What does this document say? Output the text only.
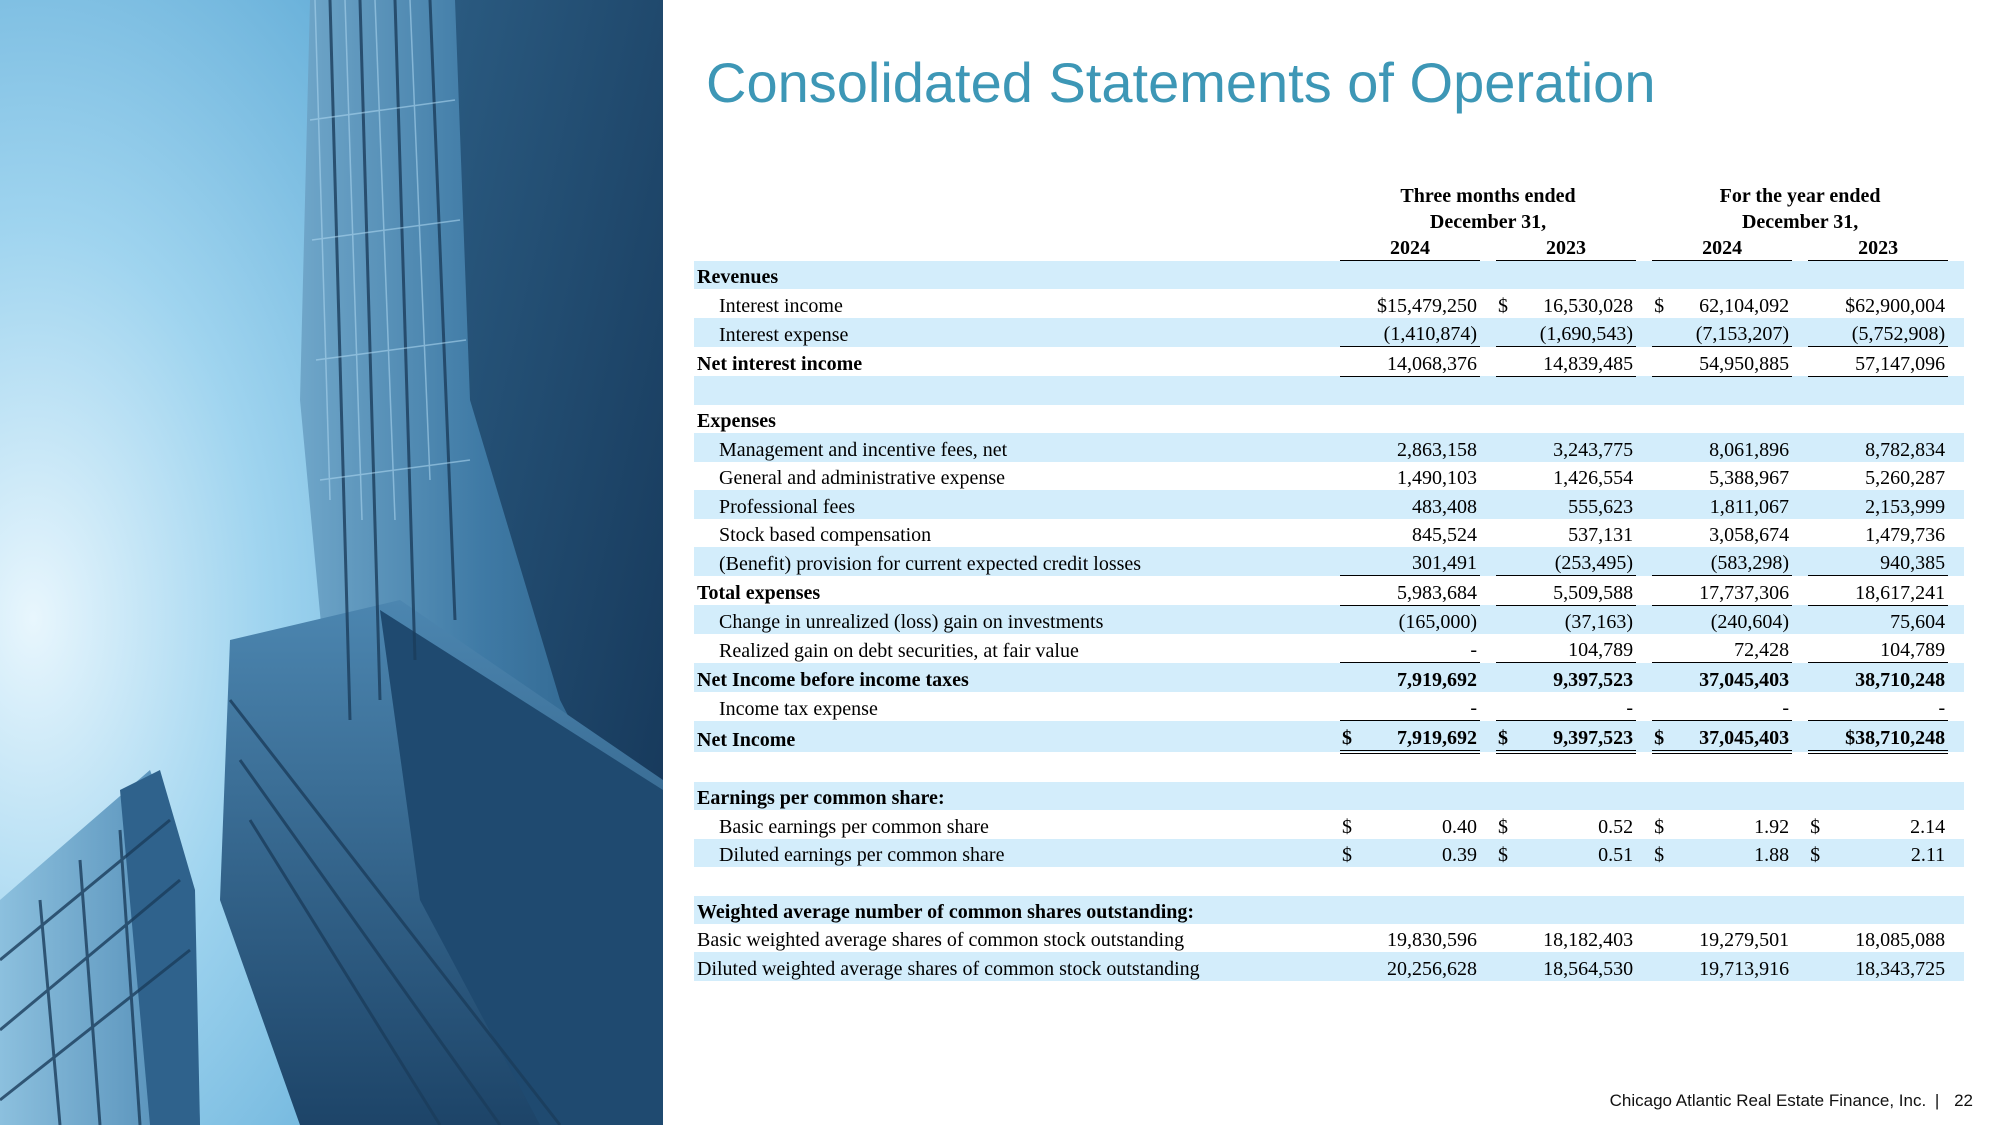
Consolidated Statements of Operation
		Three months ended						For the year ended					
		December 31,						December 31,					
		2024			2023			2024			2023		
Revenues													
Interest income			$15,479,250		$	16,530,028		$	62,104,092			$62,900,004	
Interest expense			(1,410,874)			(1,690,543)			(7,153,207)			(5,752,908)	
Net interest income			14,068,376			14,839,485			54,950,885			57,147,096	

Expenses													
Management and incentive fees, net			2,863,158			3,243,775			8,061,896			8,782,834	
General and administrative expense			1,490,103			1,426,554			5,388,967			5,260,287	
Professional fees			483,408			555,623			1,811,067			2,153,999	
Stock based compensation			845,524			537,131			3,058,674			1,479,736	
(Benefit) provision for current expected credit losses			301,491			(253,495)			(583,298)			940,385	
Total expenses			5,983,684			5,509,588			17,737,306			18,617,241	
Change in unrealized (loss) gain on investments			(165,000)			(37,163)			(240,604)			75,604	
Realized gain on debt securities, at fair value			-			104,789			72,428			104,789	
Net Income before income taxes			7,919,692			9,397,523			37,045,403			38,710,248	
Income tax expense			-			-			-			-	
Net Income		$	7,919,692		$	9,397,523		$	37,045,403			$38,710,248	

Earnings per common share:													
Basic earnings per common share		$	0.40		$	0.52		$	1.92		$	2.14	
Diluted earnings per common share		$	0.39		$	0.51		$	1.88		$	2.11	

Weighted average number of common shares outstanding:													
Basic weighted average shares of common stock outstanding			19,830,596			18,182,403			19,279,501			18,085,088	
Diluted weighted average shares of common stock outstanding			20,256,628			18,564,530			19,713,916			18,343,725	
Chicago Atlantic Real Estate Finance, Inc. | 22
